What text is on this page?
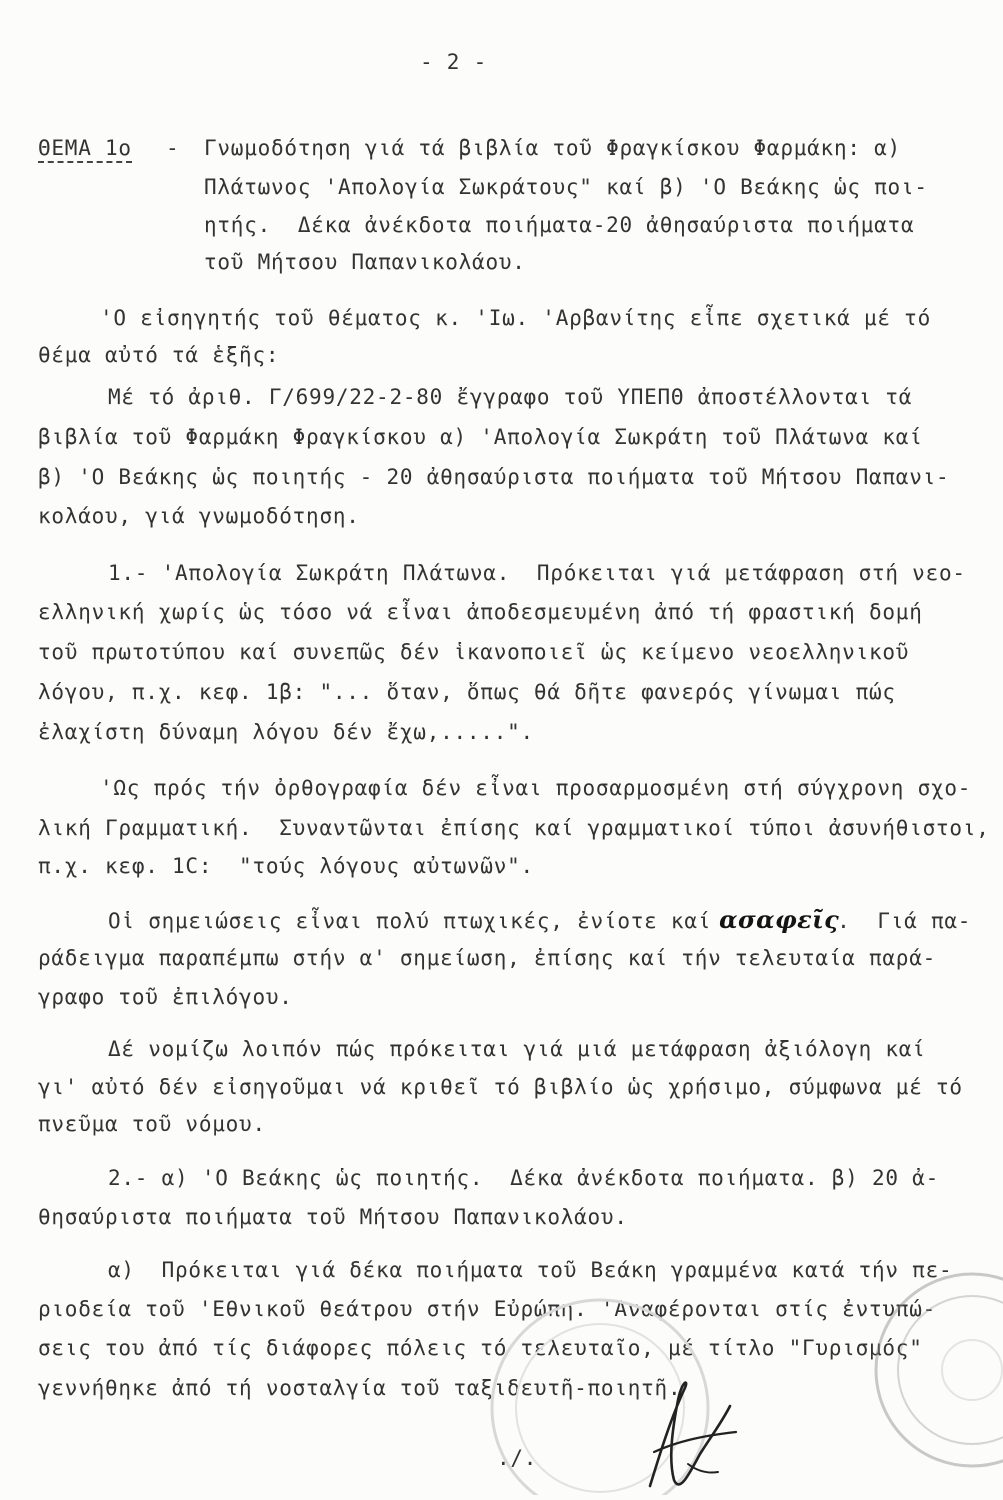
- 2 -
ΘΕΜΑ 1ο - Γνωμοδότηση γιά τά βιβλία τοῦ Φραγκίσκου Φαρμάκη: α)
Πλάτωνος 'Απολογία Σωκράτους" καί β) 'Ο Βεάκης ὡς ποι-
ητής.  Δέκα ἀνέκδοτα ποιήματα-20 ἀθησαύριστα ποιήματα
τοῦ Μήτσου Παπανικολάου.
'Ο εἰσηγητής τοῦ θέματος κ. 'Ιω. 'Αρβανίτης εἶπε σχετικά μέ τό
θέμα αὐτό τά ἑξῆς:
Μέ τό ἀριθ. Γ/699/22-2-80 ἔγγραφο τοῦ ΥΠΕΠΘ ἀποστέλλονται τά
βιβλία τοῦ Φαρμάκη Φραγκίσκου α) 'Απολογία Σωκράτη τοῦ Πλάτωνα καί
β) 'Ο Βεάκης ὡς ποιητής - 20 ἀθησαύριστα ποιήματα τοῦ Μήτσου Παπανι-
κολάου, γιά γνωμοδότηση.
1.- 'Απολογία Σωκράτη Πλάτωνα.  Πρόκειται γιά μετάφραση στή νεο-
ελληνική χωρίς ὡς τόσο νά εἶναι ἀποδεσμευμένη ἀπό τή φραστική δομή
τοῦ πρωτοτύπου καί συνεπῶς δέν ἱκανοποιεῖ ὡς κείμενο νεοελληνικοῦ
λόγου, π.χ. κεφ. 1β: "... ὅταν, ὅπως θά δῆτε φανερός γίνωμαι πώς
ἐλαχίστη δύναμη λόγου δέν ἔχω,.....".
'Ως πρός τήν ὀρθογραφία δέν εἶναι προσαρμοσμένη στή σύγχρονη σχο-
λική Γραμματική.  Συναντῶνται ἐπίσης καί γραμματικοί τύποι ἀσυνήθιστοι,
π.χ. κεφ. 1C:  "τούς λόγους αὐτωνῶν".
Οἱ σημειώσεις εἶναι πολύ πτωχικές, ἐνίοτε καί ασαφεῖς.  Γιά πα-
ράδειγμα παραπέμπω στήν α' σημείωση, ἐπίσης καί τήν τελευταία παρά-
γραφο τοῦ ἐπιλόγου.
Δέ νομίζω λοιπόν πώς πρόκειται γιά μιά μετάφραση ἀξιόλογη καί
γι' αὐτό δέν εἰσηγοῦμαι νά κριθεῖ τό βιβλίο ὡς χρήσιμο, σύμφωνα μέ τό
πνεῦμα τοῦ νόμου.
2.- α) 'Ο Βεάκης ὡς ποιητής.  Δέκα ἀνέκδοτα ποιήματα. β) 20 ἀ-
θησαύριστα ποιήματα τοῦ Μήτσου Παπανικολάου.
α)  Πρόκειται γιά δέκα ποιήματα τοῦ Βεάκη γραμμένα κατά τήν πε-
ριοδεία τοῦ 'Εθνικοῦ θεάτρου στήν Εὐρώπη. 'Αναφέρονται στίς ἐντυπώ-
σεις του ἀπό τίς διάφορες πόλεις τό τελευταῖο, μέ τίτλο "Γυρισμός"
γεννήθηκε ἀπό τή νοσταλγία τοῦ ταξιδευτῆ-ποιητῆ.
./.
